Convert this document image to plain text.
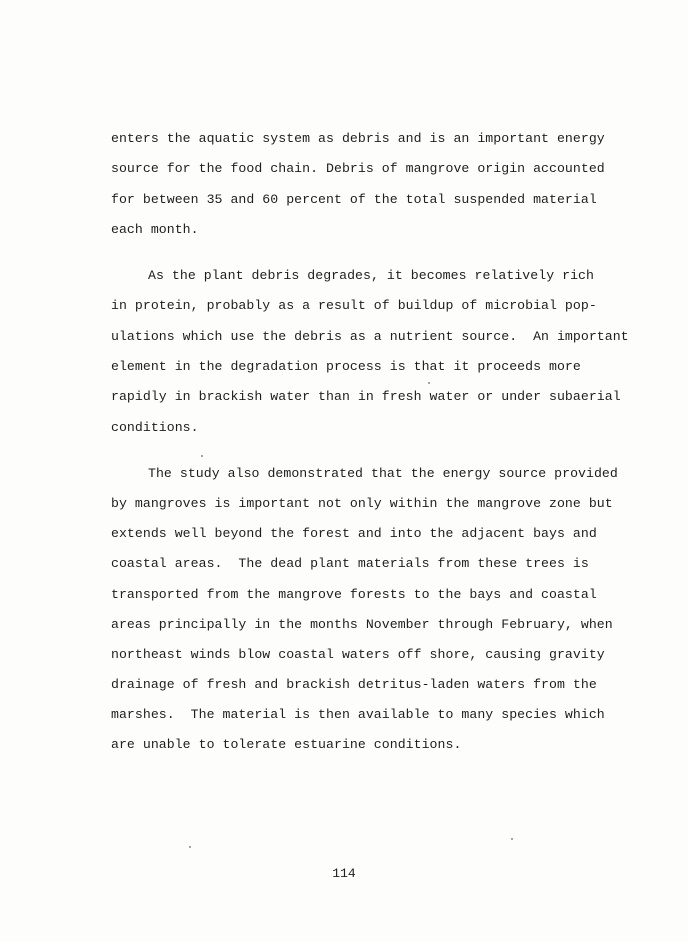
enters the aquatic system as debris and is an important energy
source for the food chain. Debris of mangrove origin accounted
for between 35 and 60 percent of the total suspended material
each month.
As the plant debris degrades, it becomes relatively rich
in protein, probably as a result of buildup of microbial pop-
ulations which use the debris as a nutrient source.  An important
element in the degradation process is that it proceeds more
rapidly in brackish water than in fresh water or under subaerial
conditions.
The study also demonstrated that the energy source provided
by mangroves is important not only within the mangrove zone but
extends well beyond the forest and into the adjacent bays and
coastal areas.  The dead plant materials from these trees is
transported from the mangrove forests to the bays and coastal
areas principally in the months November through February, when
northeast winds blow coastal waters off shore, causing gravity
drainage of fresh and brackish detritus-laden waters from the
marshes.  The material is then available to many species which
are unable to tolerate estuarine conditions.
114
